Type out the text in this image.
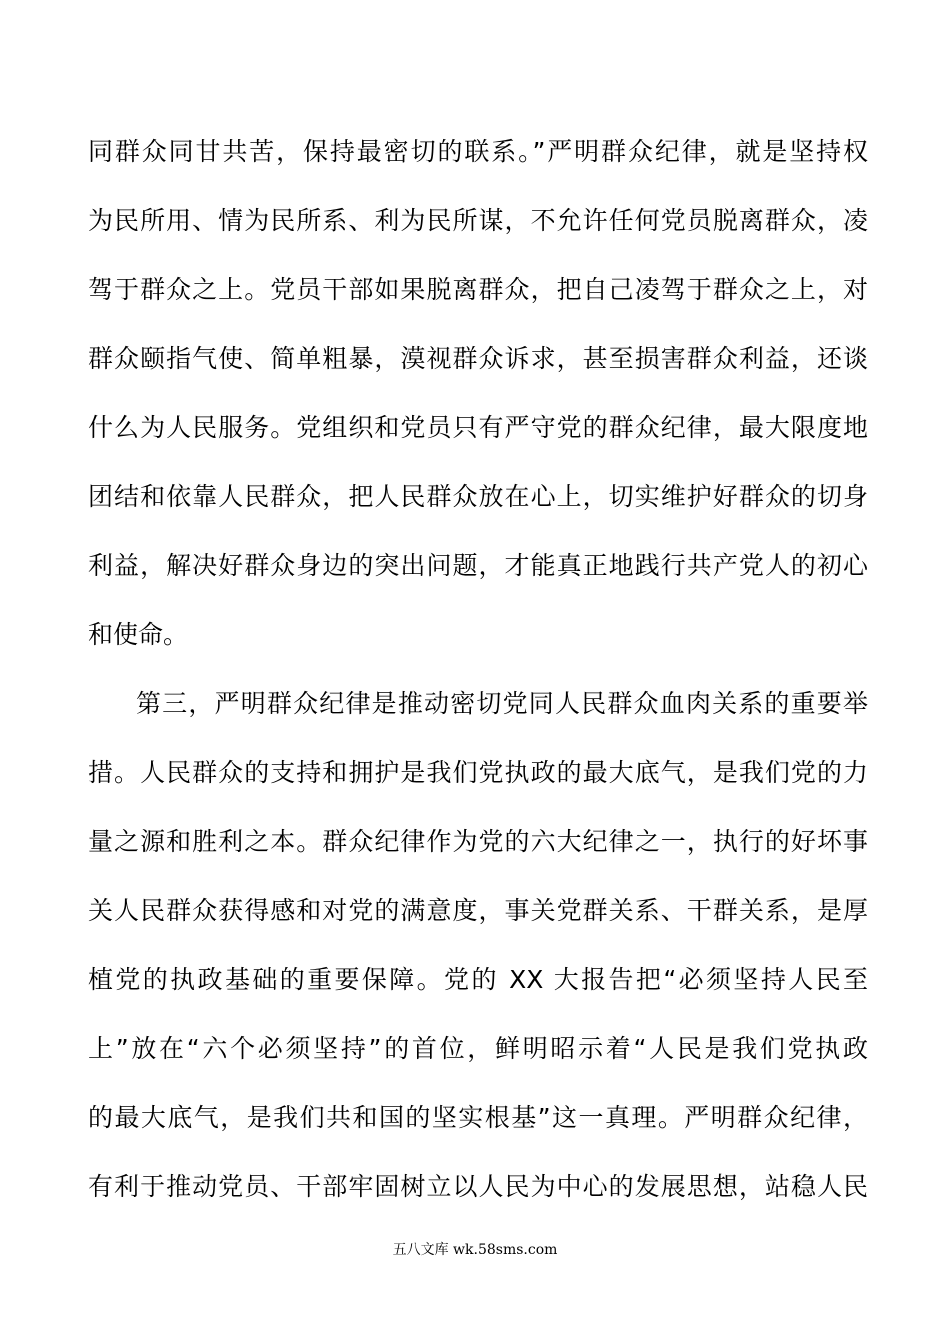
同群众同甘共苦，保持最密切的联系。”严明群众纪律，就是坚持权
为民所用、情为民所系、利为民所谋，不允许任何党员脱离群众，凌
驾于群众之上。党员干部如果脱离群众，把自己凌驾于群众之上，对
群众颐指气使、简单粗暴，漠视群众诉求，甚至损害群众利益，还谈
什么为人民服务。党组织和党员只有严守党的群众纪律，最大限度地
团结和依靠人民群众，把人民群众放在心上，切实维护好群众的切身
利益，解决好群众身边的突出问题，才能真正地践行共产党人的初心
和使命。
第三，严明群众纪律是推动密切党同人民群众血肉关系的重要举
措。人民群众的支持和拥护是我们党执政的最大底气，是我们党的力
量之源和胜利之本。群众纪律作为党的六大纪律之一，执行的好坏事
关人民群众获得感和对党的满意度，事关党群关系、干群关系，是厚
植党的执政基础的重要保障。党的 XX 大报告把“必须坚持人民至
上”放在“六个必须坚持”的首位，鲜明昭示着“人民是我们党执政
的最大底气，是我们共和国的坚实根基”这一真理。严明群众纪律，
有利于推动党员、干部牢固树立以人民为中心的发展思想，站稳人民
五八文库 wk.58sms.com
